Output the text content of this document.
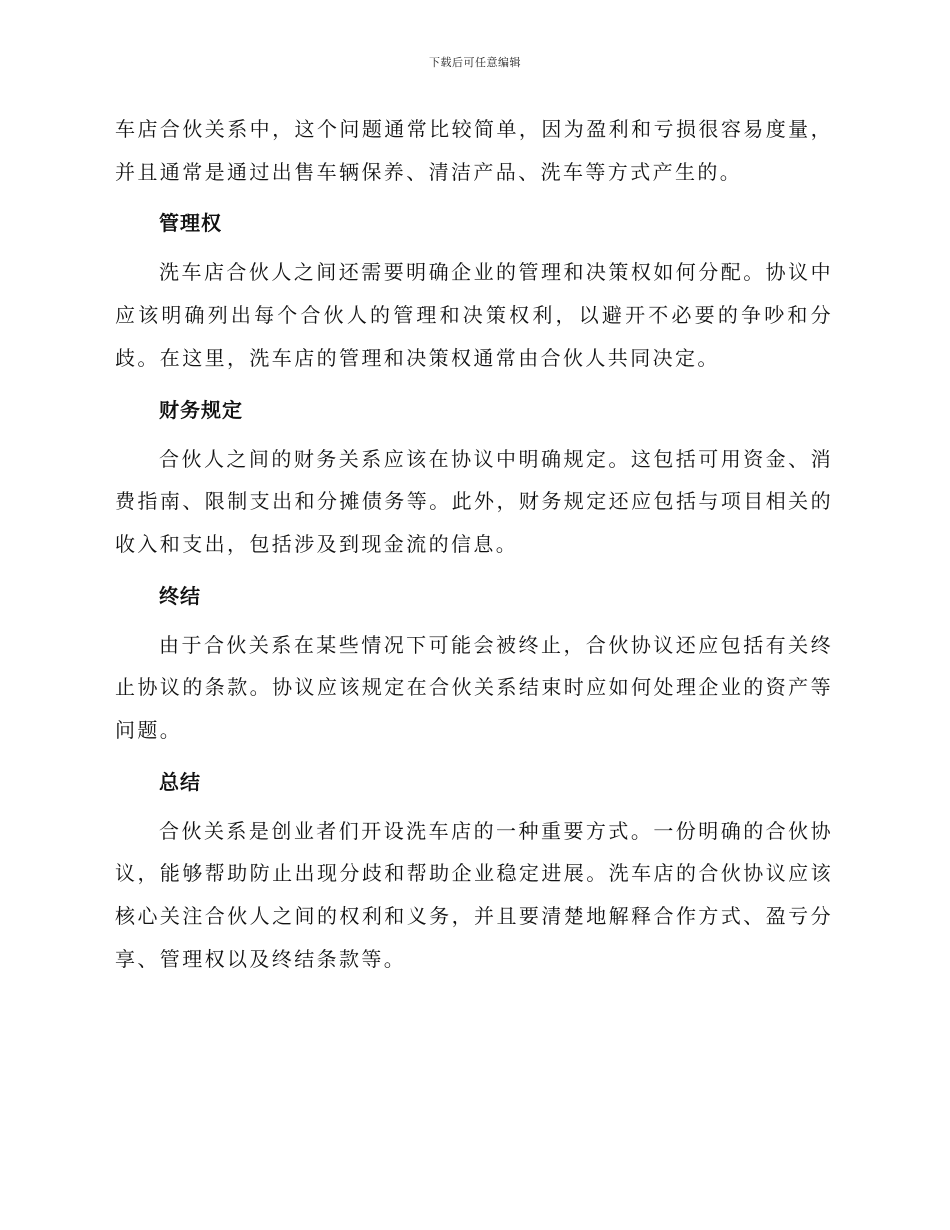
下载后可任意编辑

车店合伙关系中，这个问题通常比较简单，因为盈利和亏损很容易度量，并且通常是通过出售车辆保养、清洁产品、洗车等方式产生的。

管理权

洗车店合伙人之间还需要明确企业的管理和决策权如何分配。协议中应该明确列出每个合伙人的管理和决策权利，以避开不必要的争吵和分歧。在这里，洗车店的管理和决策权通常由合伙人共同决定。

财务规定

合伙人之间的财务关系应该在协议中明确规定。这包括可用资金、消费指南、限制支出和分摊债务等。此外，财务规定还应包括与项目相关的收入和支出，包括涉及到现金流的信息。

终结

由于合伙关系在某些情况下可能会被终止，合伙协议还应包括有关终止协议的条款。协议应该规定在合伙关系结束时应如何处理企业的资产等问题。

总结

合伙关系是创业者们开设洗车店的一种重要方式。一份明确的合伙协议，能够帮助防止出现分歧和帮助企业稳定进展。洗车店的合伙协议应该核心关注合伙人之间的权利和义务，并且要清楚地解释合作方式、盈亏分享、管理权以及终结条款等。
